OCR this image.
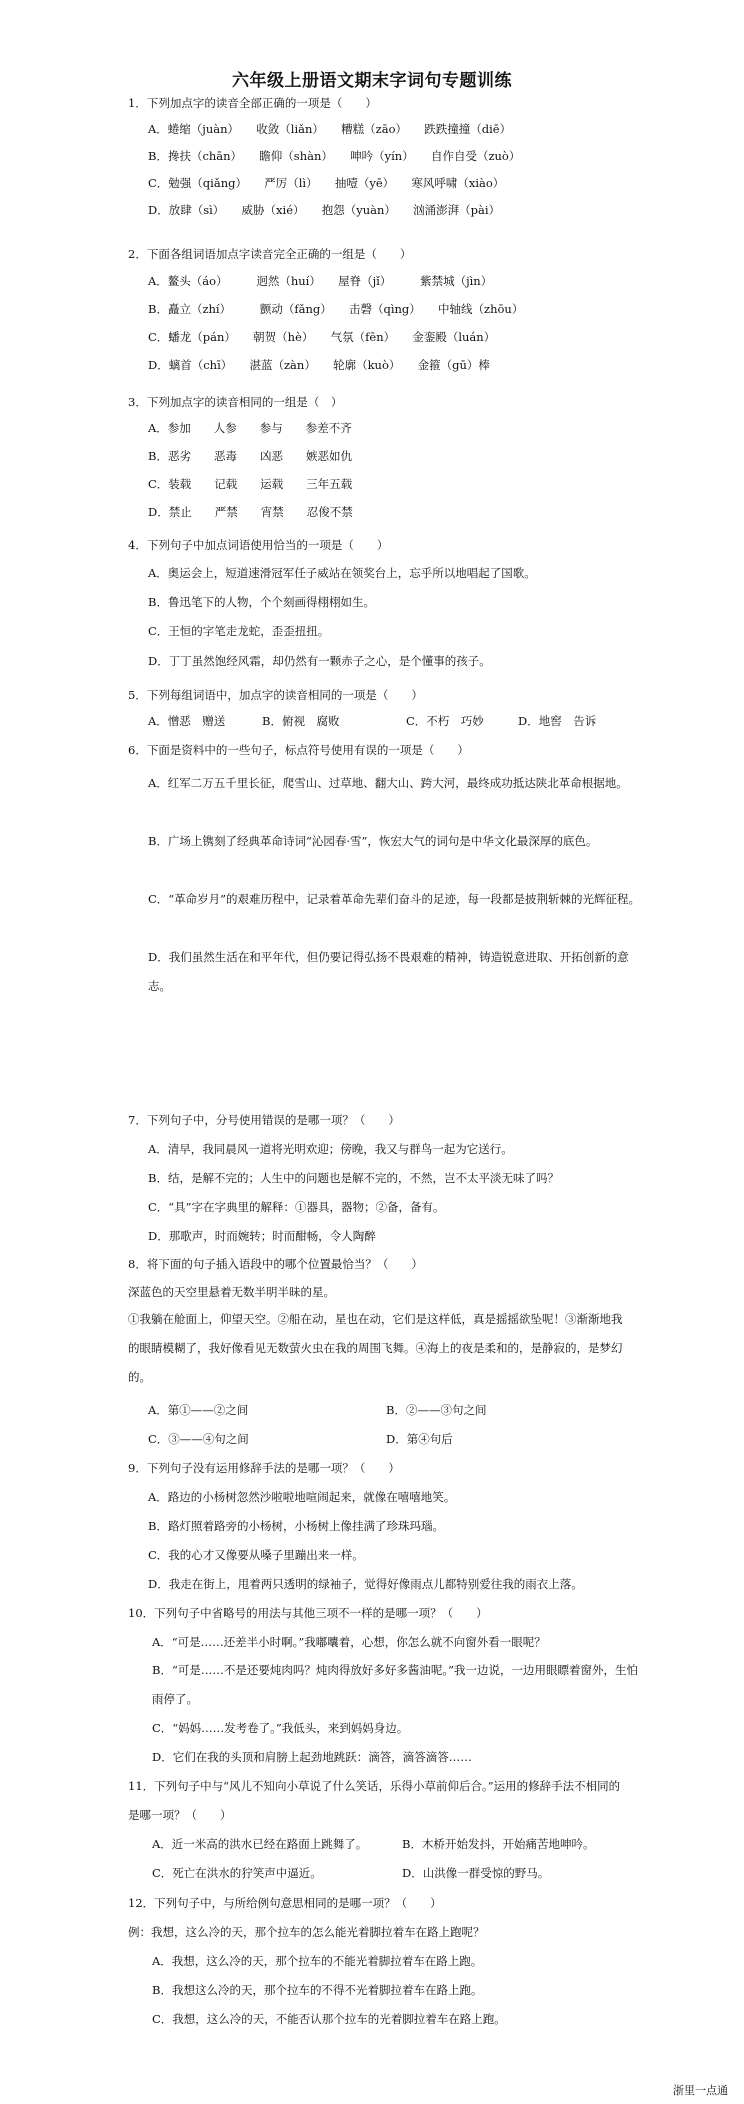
六年级上册语文期末字词句专题训练
1．下列加点字的读音全部正确的一项是（　　）
A．蜷缩（juàn）　　收敛（liǎn）　　糟糕（zāo）　　跌跌撞撞（diē）
B．搀扶（chān）　　瞻仰（shàn）　　呻吟（yín）　　自作自受（zuò）
C．勉强（qiǎng）　　严厉（lì）　　抽噎（yē）　　寒风呼啸（xiào）
D．放肆（sì）　　威胁（xié）　　抱怨（yuàn）　　汹涌澎湃（pài）
2．下面各组词语加点字读音完全正确的一组是（　　）
A．鳌头（áo）　　　迥然（huí）　　屋脊（jǐ）　　　紫禁城（jìn）
B．矗立（zhí）　　　颤动（fǎng）　　击磬（qìng）　　中轴线（zhōu）
C．蟠龙（pán）　　朝贺（hè）　　气氛（fēn）　　金銮殿（luán）
D．螭首（chī）　　湛蓝（zàn）　　轮廓（kuò）　　金箍（gū）棒
3．下列加点字的读音相同的一组是（　）
A．参加　　人参　　参与　　参差不齐
B．恶劣　　恶毒　　凶恶　　嫉恶如仇
C．装载　　记载　　运载　　三年五载
D．禁止　　严禁　　宵禁　　忍俊不禁
4．下列句子中加点词语使用恰当的一项是（　　）
A．奥运会上，短道速滑冠军任子威站在领奖台上，忘乎所以地唱起了国歌。
B．鲁迅笔下的人物，个个刻画得栩栩如生。
C．王恒的字笔走龙蛇，歪歪扭扭。
D．丁丁虽然饱经风霜，却仍然有一颗赤子之心，是个懂事的孩子。
5．下列每组词语中，加点字的读音相同的一项是（　　）
A．憎恶　赠送	B．俯视　腐败	C．不朽　巧妙	D．地窖　告诉
6．下面是资料中的一些句子，标点符号使用有误的一项是（　　）
A．红军二万五千里长征，爬雪山、过草地、翻大山、跨大河，最终成功抵达陕北革命根据地。
B．广场上镌刻了经典革命诗词“沁园春·雪”，恢宏大气的词句是中华文化最深厚的底色。
C．“革命岁月”的艰难历程中，记录着革命先辈们奋斗的足迹，每一段都是披荆斩棘的光辉征程。
D．我们虽然生活在和平年代，但仍要记得弘扬不畏艰难的精神，铸造锐意进取、开拓创新的意志。
7．下列句子中，分号使用错误的是哪一项？（　　）
A．清早，我同晨风一道将光明欢迎；傍晚，我又与群鸟一起为它送行。
B．结，是解不完的；人生中的问题也是解不完的，不然，岂不太平淡无味了吗？
C．“具”字在字典里的解释：①器具，器物；②备，备有。
D．那歌声，时而婉转；时而酣畅，令人陶醉
8．将下面的句子插入语段中的哪个位置最恰当？（　　）
深蓝色的天空里悬着无数半明半昧的星。
①我躺在舱面上，仰望天空。②船在动，星也在动，它们是这样低，真是摇摇欲坠呢！③渐渐地我的眼睛模糊了，我好像看见无数萤火虫在我的周围飞舞。④海上的夜是柔和的，是静寂的，是梦幻的。
A．第①——②之间	B．②——③句之间
C．③——④句之间	D．第④句后
9．下列句子没有运用修辞手法的是哪一项？（　　）
A．路边的小杨树忽然沙啦啦地喧闹起来，就像在嘻嘻地笑。
B．路灯照着路旁的小杨树，小杨树上像挂满了珍珠玛瑙。
C．我的心才又像要从嗓子里蹦出来一样。
D．我走在街上，甩着两只透明的绿袖子，觉得好像雨点儿都特别爱往我的雨衣上落。
10．下列句子中省略号的用法与其他三项不一样的是哪一项？（　　）
A．“可是……还差半小时啊。”我嘟囔着，心想，你怎么就不向窗外看一眼呢？
B．“可是……不是还要炖肉吗？炖肉得放好多好多酱油呢。”我一边说，一边用眼瞟着窗外，生怕雨停了。
C．“妈妈……发考卷了。”我低头，来到妈妈身边。
D．它们在我的头顶和肩膀上起劲地跳跃：滴答，滴答滴答……
11．下列句子中与“风儿不知向小草说了什么笑话，乐得小草前仰后合。”运用的修辞手法不相同的是哪一项？（　　）
A．近一米高的洪水已经在路面上跳舞了。	B．木桥开始发抖，开始痛苦地呻吟。
C．死亡在洪水的狞笑声中逼近。	D．山洪像一群受惊的野马。
12．下列句子中，与所给例句意思相同的是哪一项？（　　）
例：我想，这么冷的天，那个拉车的怎么能光着脚拉着车在路上跑呢？
A．我想，这么冷的天，那个拉车的不能光着脚拉着车在路上跑。
B．我想这么冷的天，那个拉车的不得不光着脚拉着车在路上跑。
C．我想，这么冷的天，不能否认那个拉车的光着脚拉着车在路上跑。
浙里一点通
